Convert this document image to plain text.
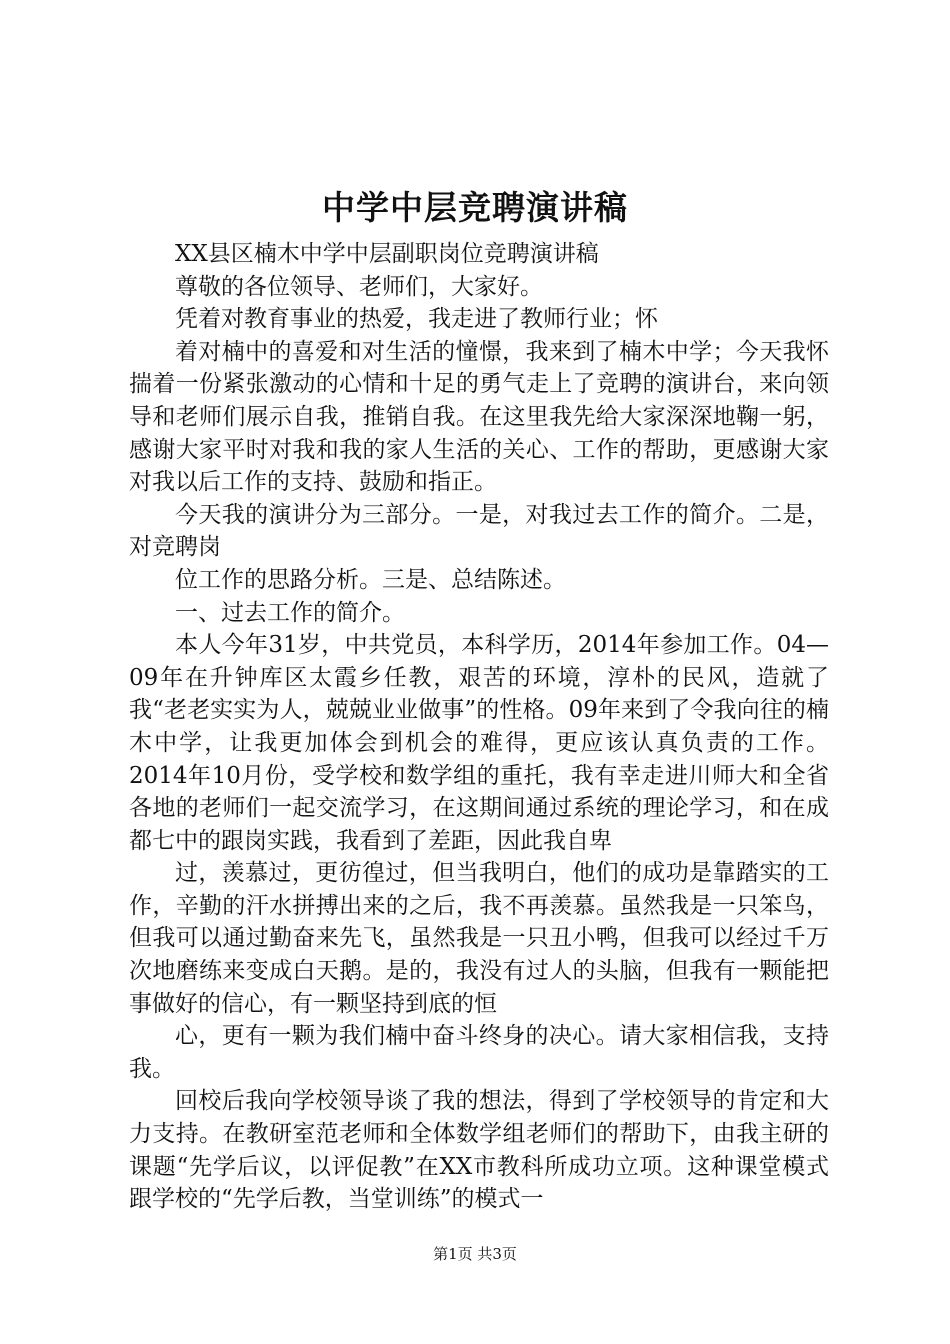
中学中层竞聘演讲稿

XX县区楠木中学中层副职岗位竞聘演讲稿

尊敬的各位领导、老师们，大家好。

凭着对教育事业的热爱，我走进了教师行业；怀

着对楠中的喜爱和对生活的憧憬，我来到了楠木中学；今天我怀揣着一份紧张激动的心情和十足的勇气走上了竞聘的演讲台，来向领导和老师们展示自我，推销自我。在这里我先给大家深深地鞠一躬，感谢大家平时对我和我的家人生活的关心、工作的帮助，更感谢大家对我以后工作的支持、鼓励和指正。

今天我的演讲分为三部分。一是，对我过去工作的简介。二是，对竞聘岗

位工作的思路分析。三是、总结陈述。

一、过去工作的简介。

本人今年31岁，中共党员，本科学历，2014年参加工作。04—09年在升钟库区太霞乡任教，艰苦的环境，淳朴的民风，造就了我“老老实实为人，兢兢业业做事”的性格。09年来到了令我向往的楠木中学，让我更加体会到机会的难得，更应该认真负责的工作。2014年10月份，受学校和数学组的重托，我有幸走进川师大和全省各地的老师们一起交流学习，在这期间通过系统的理论学习，和在成都七中的跟岗实践，我看到了差距，因此我自卑

过，羡慕过，更彷徨过，但当我明白，他们的成功是靠踏实的工作，辛勤的汗水拼搏出来的之后，我不再羡慕。虽然我是一只笨鸟，但我可以通过勤奋来先飞，虽然我是一只丑小鸭，但我可以经过千万次地磨练来变成白天鹅。是的，我没有过人的头脑，但我有一颗能把事做好的信心，有一颗坚持到底的恒

心，更有一颗为我们楠中奋斗终身的决心。请大家相信我，支持我。

回校后我向学校领导谈了我的想法，得到了学校领导的肯定和大力支持。在教研室范老师和全体数学组老师们的帮助下，由我主研的课题“先学后议，以评促教”在XX市教科所成功立项。这种课堂模式跟学校的“先学后教，当堂训练”的模式一

第1页 共3页
